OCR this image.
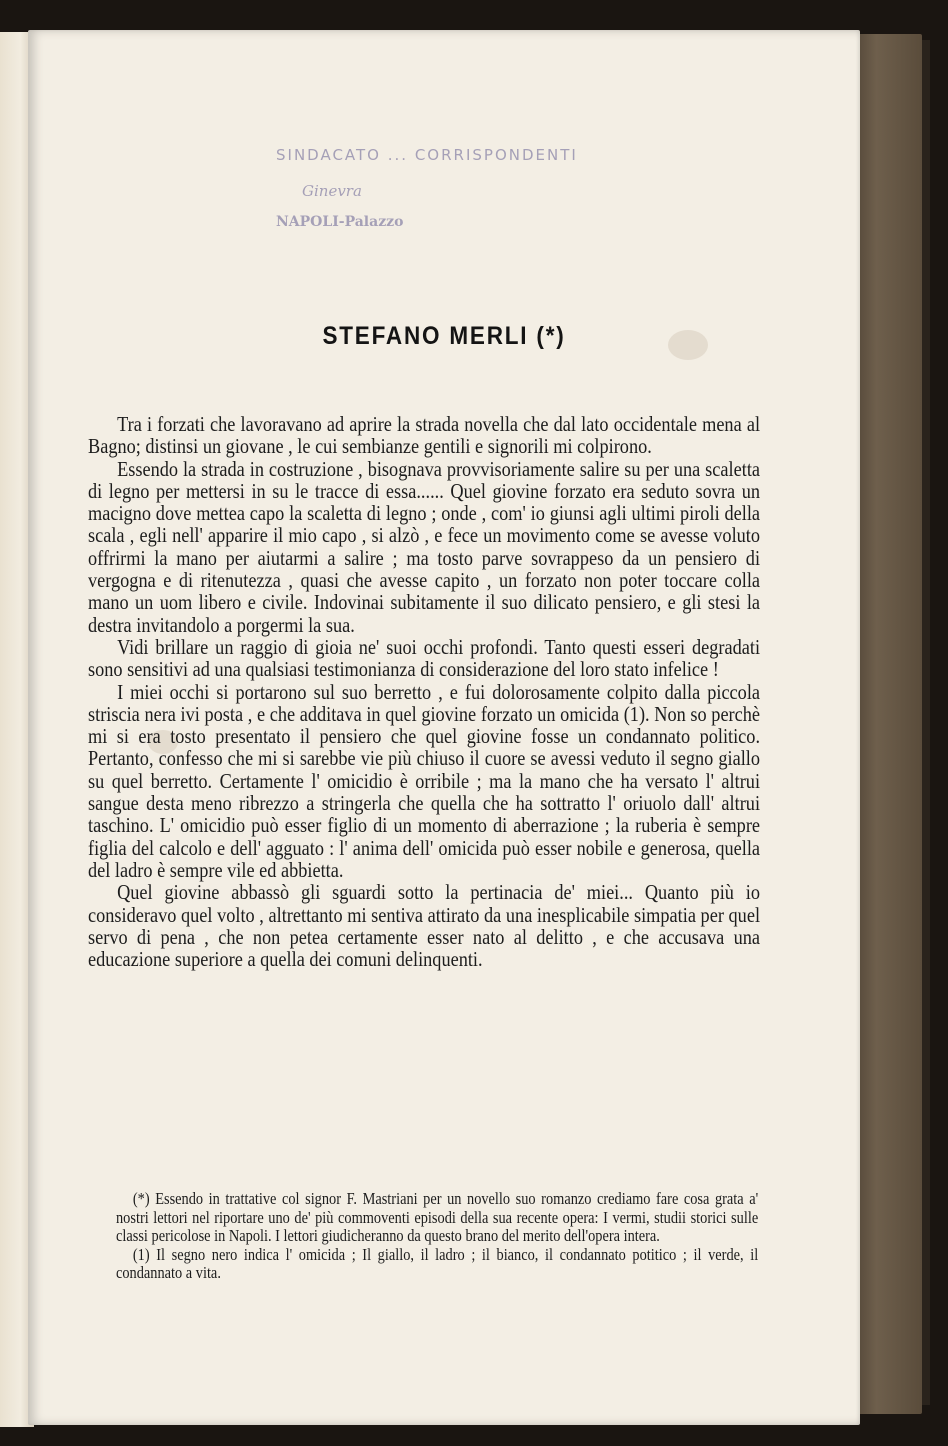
SINDACATO ... CORRISPONDENTI
Ginevra
NAPOLI-Palazzo
STEFANO MERLI (*)

Tra i forzati che lavoravano ad aprire la strada novella che dal lato occidentale mena al Bagno; distinsi un giovane , le cui sembianze gentili e signorili mi colpirono.

Essendo la strada in costruzione , bisognava provvisoriamente salire su per una scaletta di legno per mettersi in su le tracce di essa...... Quel giovine forzato era seduto sovra un macigno dove mettea capo la scaletta di legno ; onde , com' io giunsi agli ultimi piroli della scala , egli nell' apparire il mio capo , si alzò , e fece un movimento come se avesse voluto offrirmi la mano per aiutarmi a salire ; ma tosto parve sovrappeso da un pensiero di vergogna e di ritenutezza , quasi che avesse capito , un forzato non poter toccare colla mano un uom libero e civile. Indovinai subitamente il suo dilicato pensiero, e gli stesi la destra invitandolo a porgermi la sua.

Vidi brillare un raggio di gioia ne' suoi occhi profondi. Tanto questi esseri degradati sono sensitivi ad una qualsiasi testimonianza di considerazione del loro stato infelice !

I miei occhi si portarono sul suo berretto , e fui dolorosamente colpito dalla piccola striscia nera ivi posta , e che additava in quel giovine forzato un omicida (1). Non so perchè mi si era tosto presentato il pensiero che quel giovine fosse un condannato politico. Pertanto, confesso che mi si sarebbe vie più chiuso il cuore se avessi veduto il segno giallo su quel berretto. Certamente l' omicidio è orribile ; ma la mano che ha versato l' altrui sangue desta meno ribrezzo a stringerla che quella che ha sottratto l' oriuolo dall' altrui taschino. L' omicidio può esser figlio di un momento di aberrazione ; la ruberia è sempre figlia del calcolo e dell' agguato : l' anima dell' omicida può esser nobile e generosa, quella del ladro è sempre vile ed abbietta.

Quel giovine abbassò gli sguardi sotto la pertinacia de' miei... Quanto più io consideravo quel volto , altrettanto mi sentiva attirato da una inesplicabile simpatia per quel servo di pena , che non petea certamente esser nato al delitto , e che accusava una educazione superiore a quella dei comuni delinquenti.

(*) Essendo in trattative col signor F. Mastriani per un novello suo romanzo crediamo fare cosa grata a' nostri lettori nel riportare uno de' più commoventi episodi della sua recente opera: I vermi, studii storici sulle classi pericolose in Napoli. I lettori giudicheranno da questo brano del merito dell'opera intera.

(1) Il segno nero indica l' omicida ; Il giallo, il ladro ; il bianco, il condannato potitico ; il verde, il condannato a vita.
